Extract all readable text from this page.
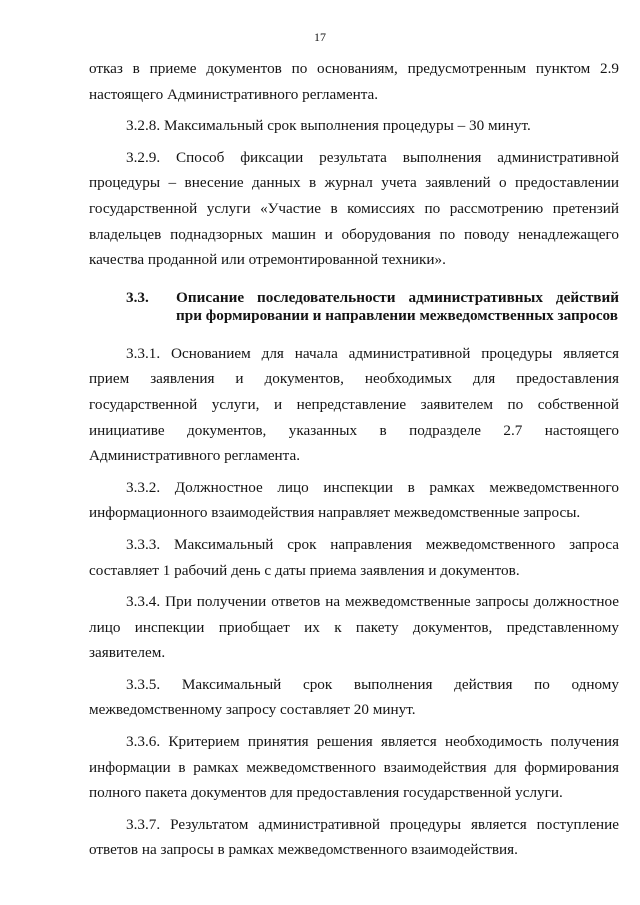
17

отказ в приеме документов по основаниям, предусмотренным пунктом 2.9 настоящего Административного регламента.

3.2.8. Максимальный срок выполнения процедуры – 30 минут.

3.2.9. Способ фиксации результата выполнения административной процедуры – внесение данных в журнал учета заявлений о предоставлении государственной услуги «Участие в комиссиях по рассмотрению претензий владельцев поднадзорных машин и оборудования по поводу ненадлежащего качества проданной или отремонтированной техники».

3.3.	Описание последовательности административных действий при формировании и направлении межведомственных запросов

3.3.1. Основанием для начала административной процедуры является прием заявления и документов, необходимых для предоставления государственной услуги, и непредставление заявителем по собственной инициативе документов, указанных в подразделе 2.7 настоящего Административного регламента.

3.3.2. Должностное лицо инспекции в рамках межведомственного информационного взаимодействия направляет межведомственные запросы.

3.3.3. Максимальный срок направления межведомственного запроса составляет 1 рабочий день с даты приема заявления и документов.

3.3.4. При получении ответов на межведомственные запросы должностное лицо инспекции приобщает их к пакету документов, представленному заявителем.

3.3.5. Максимальный срок выполнения действия по одному межведомственному запросу составляет 20 минут.

3.3.6. Критерием принятия решения является необходимость получения информации в рамках межведомственного взаимодействия для формирования полного пакета документов для предоставления государственной услуги.

3.3.7. Результатом административной процедуры является поступление ответов на запросы в рамках межведомственного взаимодействия.
